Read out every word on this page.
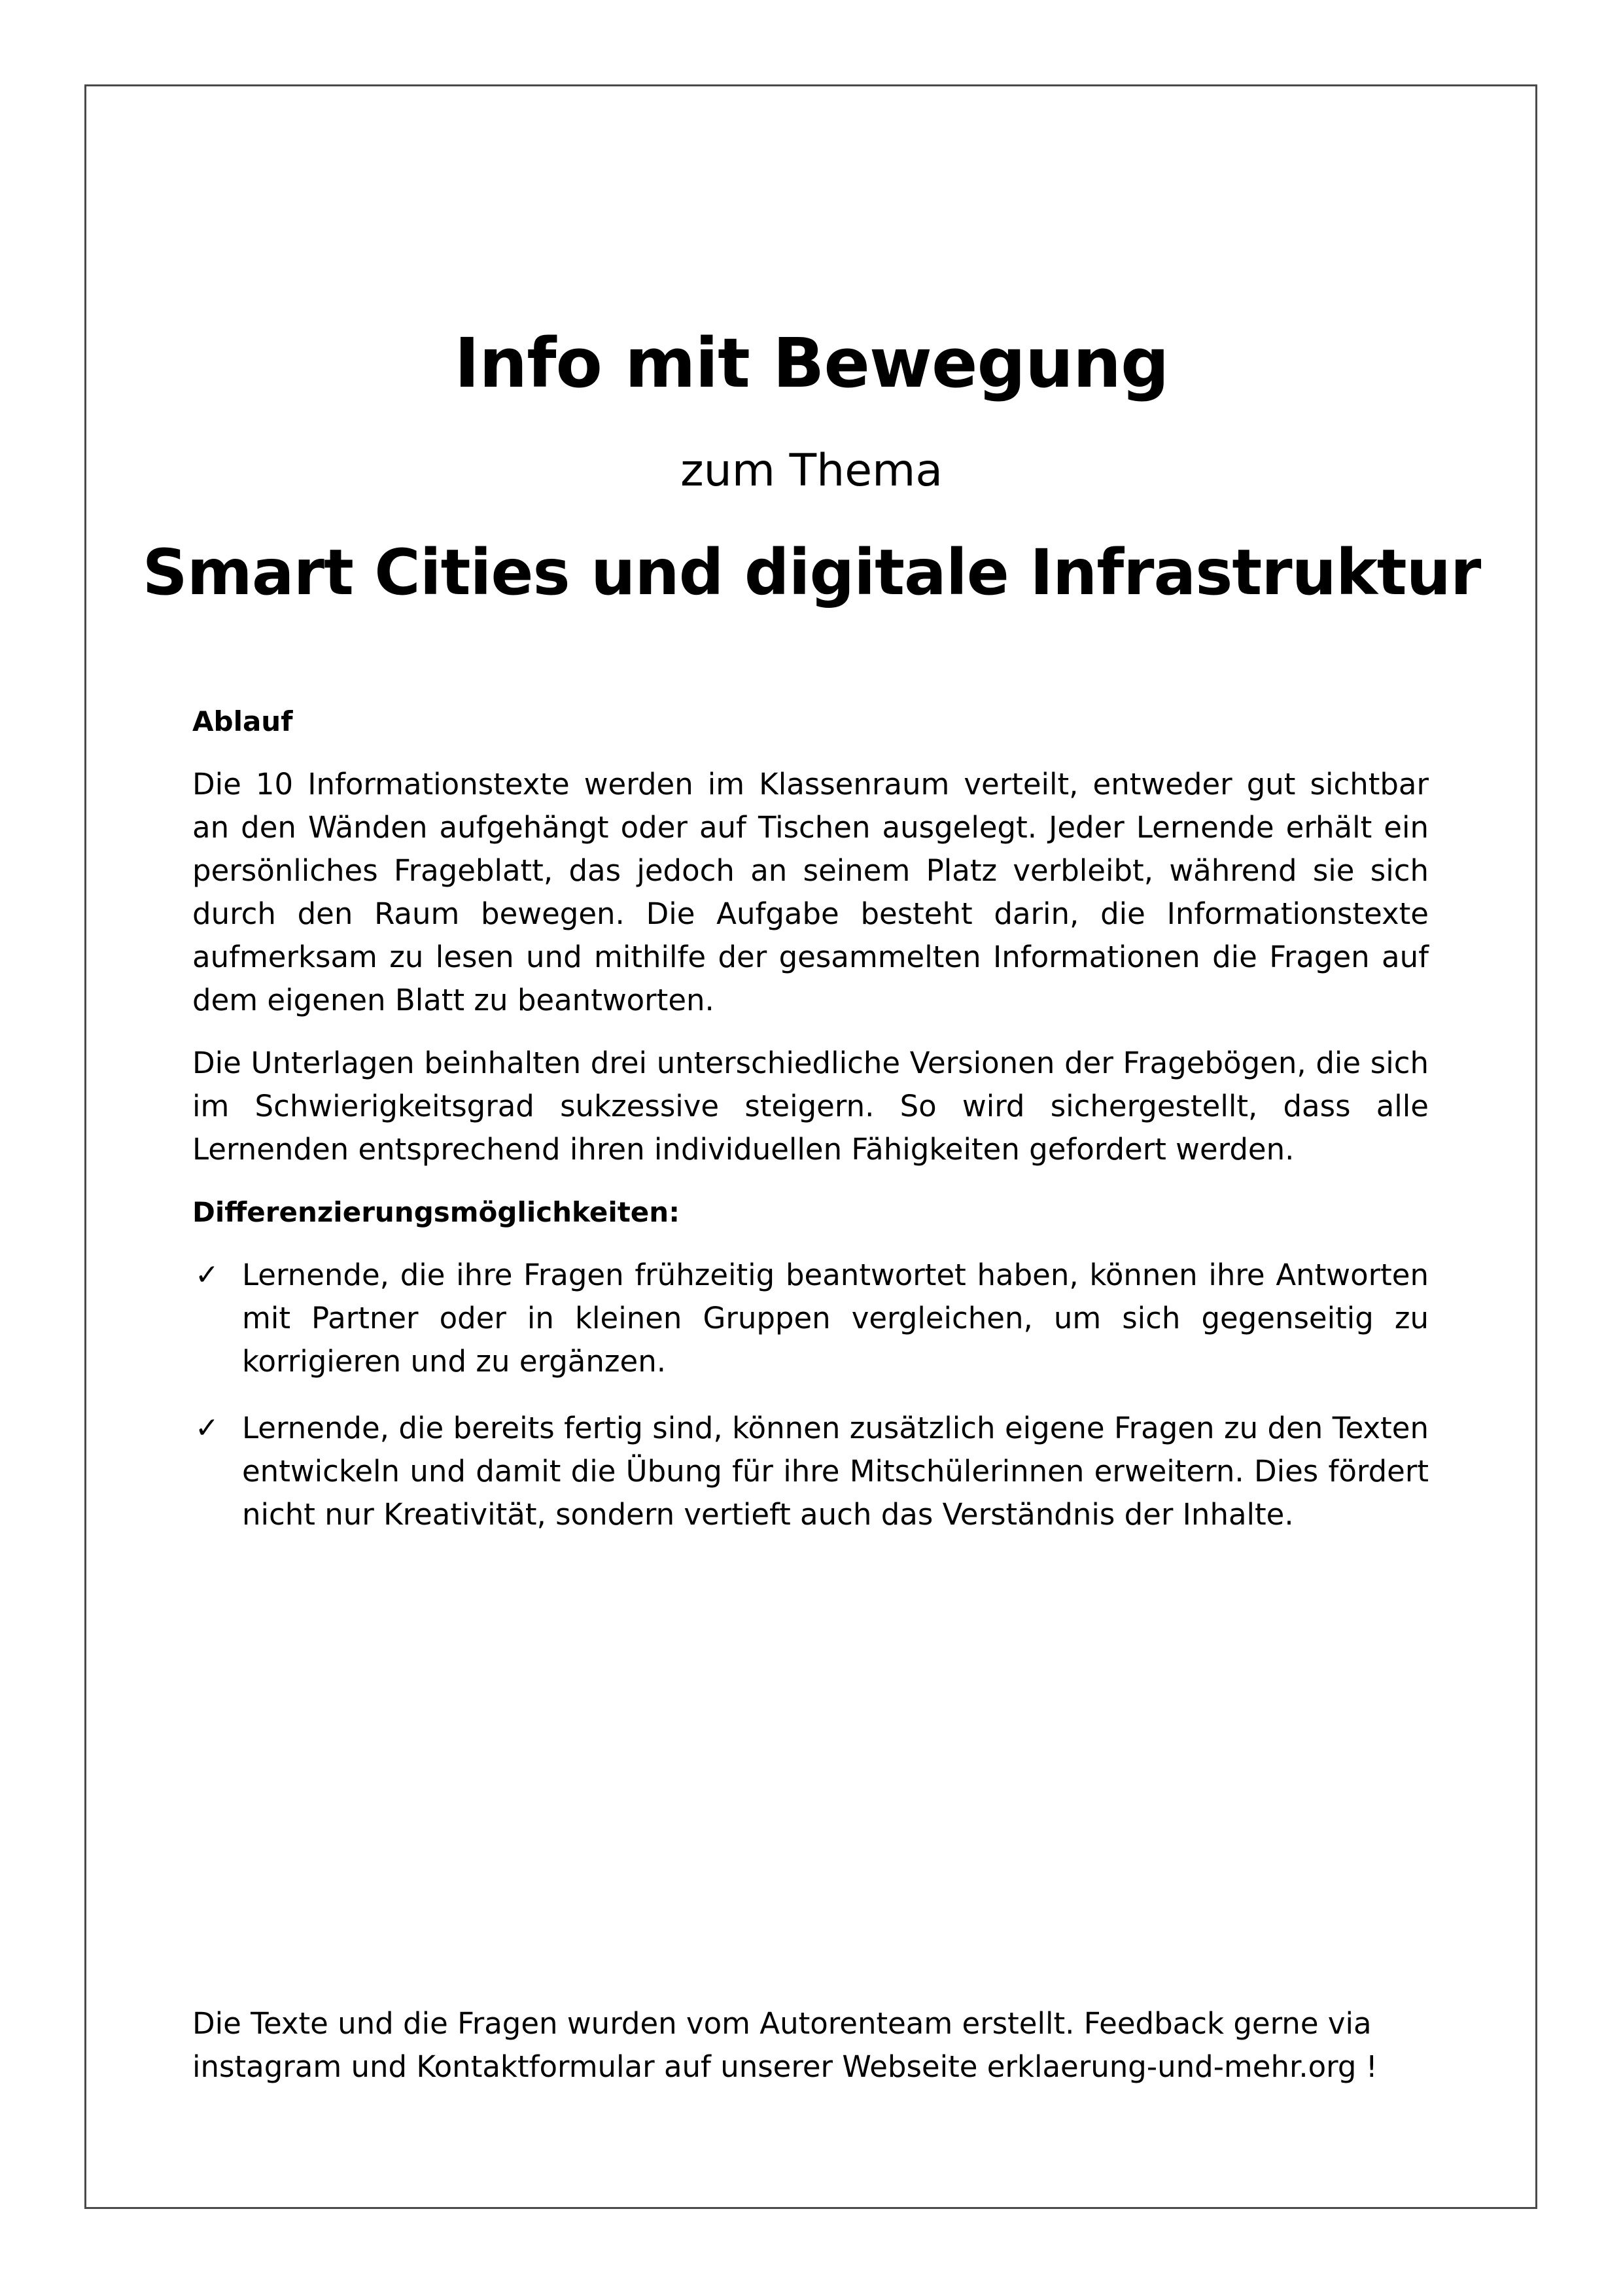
Info mit Bewegung

zum Thema

Smart Cities und digitale Infrastruktur
Ablauf

Die 10 Informationstexte werden im Klassenraum verteilt, entweder gut sichtbar an den Wänden aufgehängt oder auf Tischen ausgelegt. Jeder Lernende erhält ein persönliches Frageblatt, das jedoch an seinem Platz verbleibt, während sie sich durch den Raum bewegen. Die Aufgabe besteht darin, die Informationstexte aufmerksam zu lesen und mithilfe der gesammelten Informationen die Fragen auf dem eigenen Blatt zu beantworten.

Die Unterlagen beinhalten drei unterschiedliche Versionen der Fragebögen, die sich im Schwierigkeitsgrad sukzessive steigern. So wird sichergestellt, dass alle Lernenden entsprechend ihren individuellen Fähigkeiten gefordert werden.

Differenzierungsmöglichkeiten:
✓ Lernende, die ihre Fragen frühzeitig beantwortet haben, können ihre Antworten mit Partner oder in kleinen Gruppen vergleichen, um sich gegenseitig zu korrigieren und zu ergänzen.
✓ Lernende, die bereits fertig sind, können zusätzlich eigene Fragen zu den Texten entwickeln und damit die Übung für ihre Mitschülerinnen erweitern. Dies fördert nicht nur Kreativität, sondern vertieft auch das Verständnis der Inhalte.

Die Texte und die Fragen wurden vom Autorenteam erstellt. Feedback gerne via
instagram und Kontaktformular auf unserer Webseite erklaerung-und-mehr.org !
